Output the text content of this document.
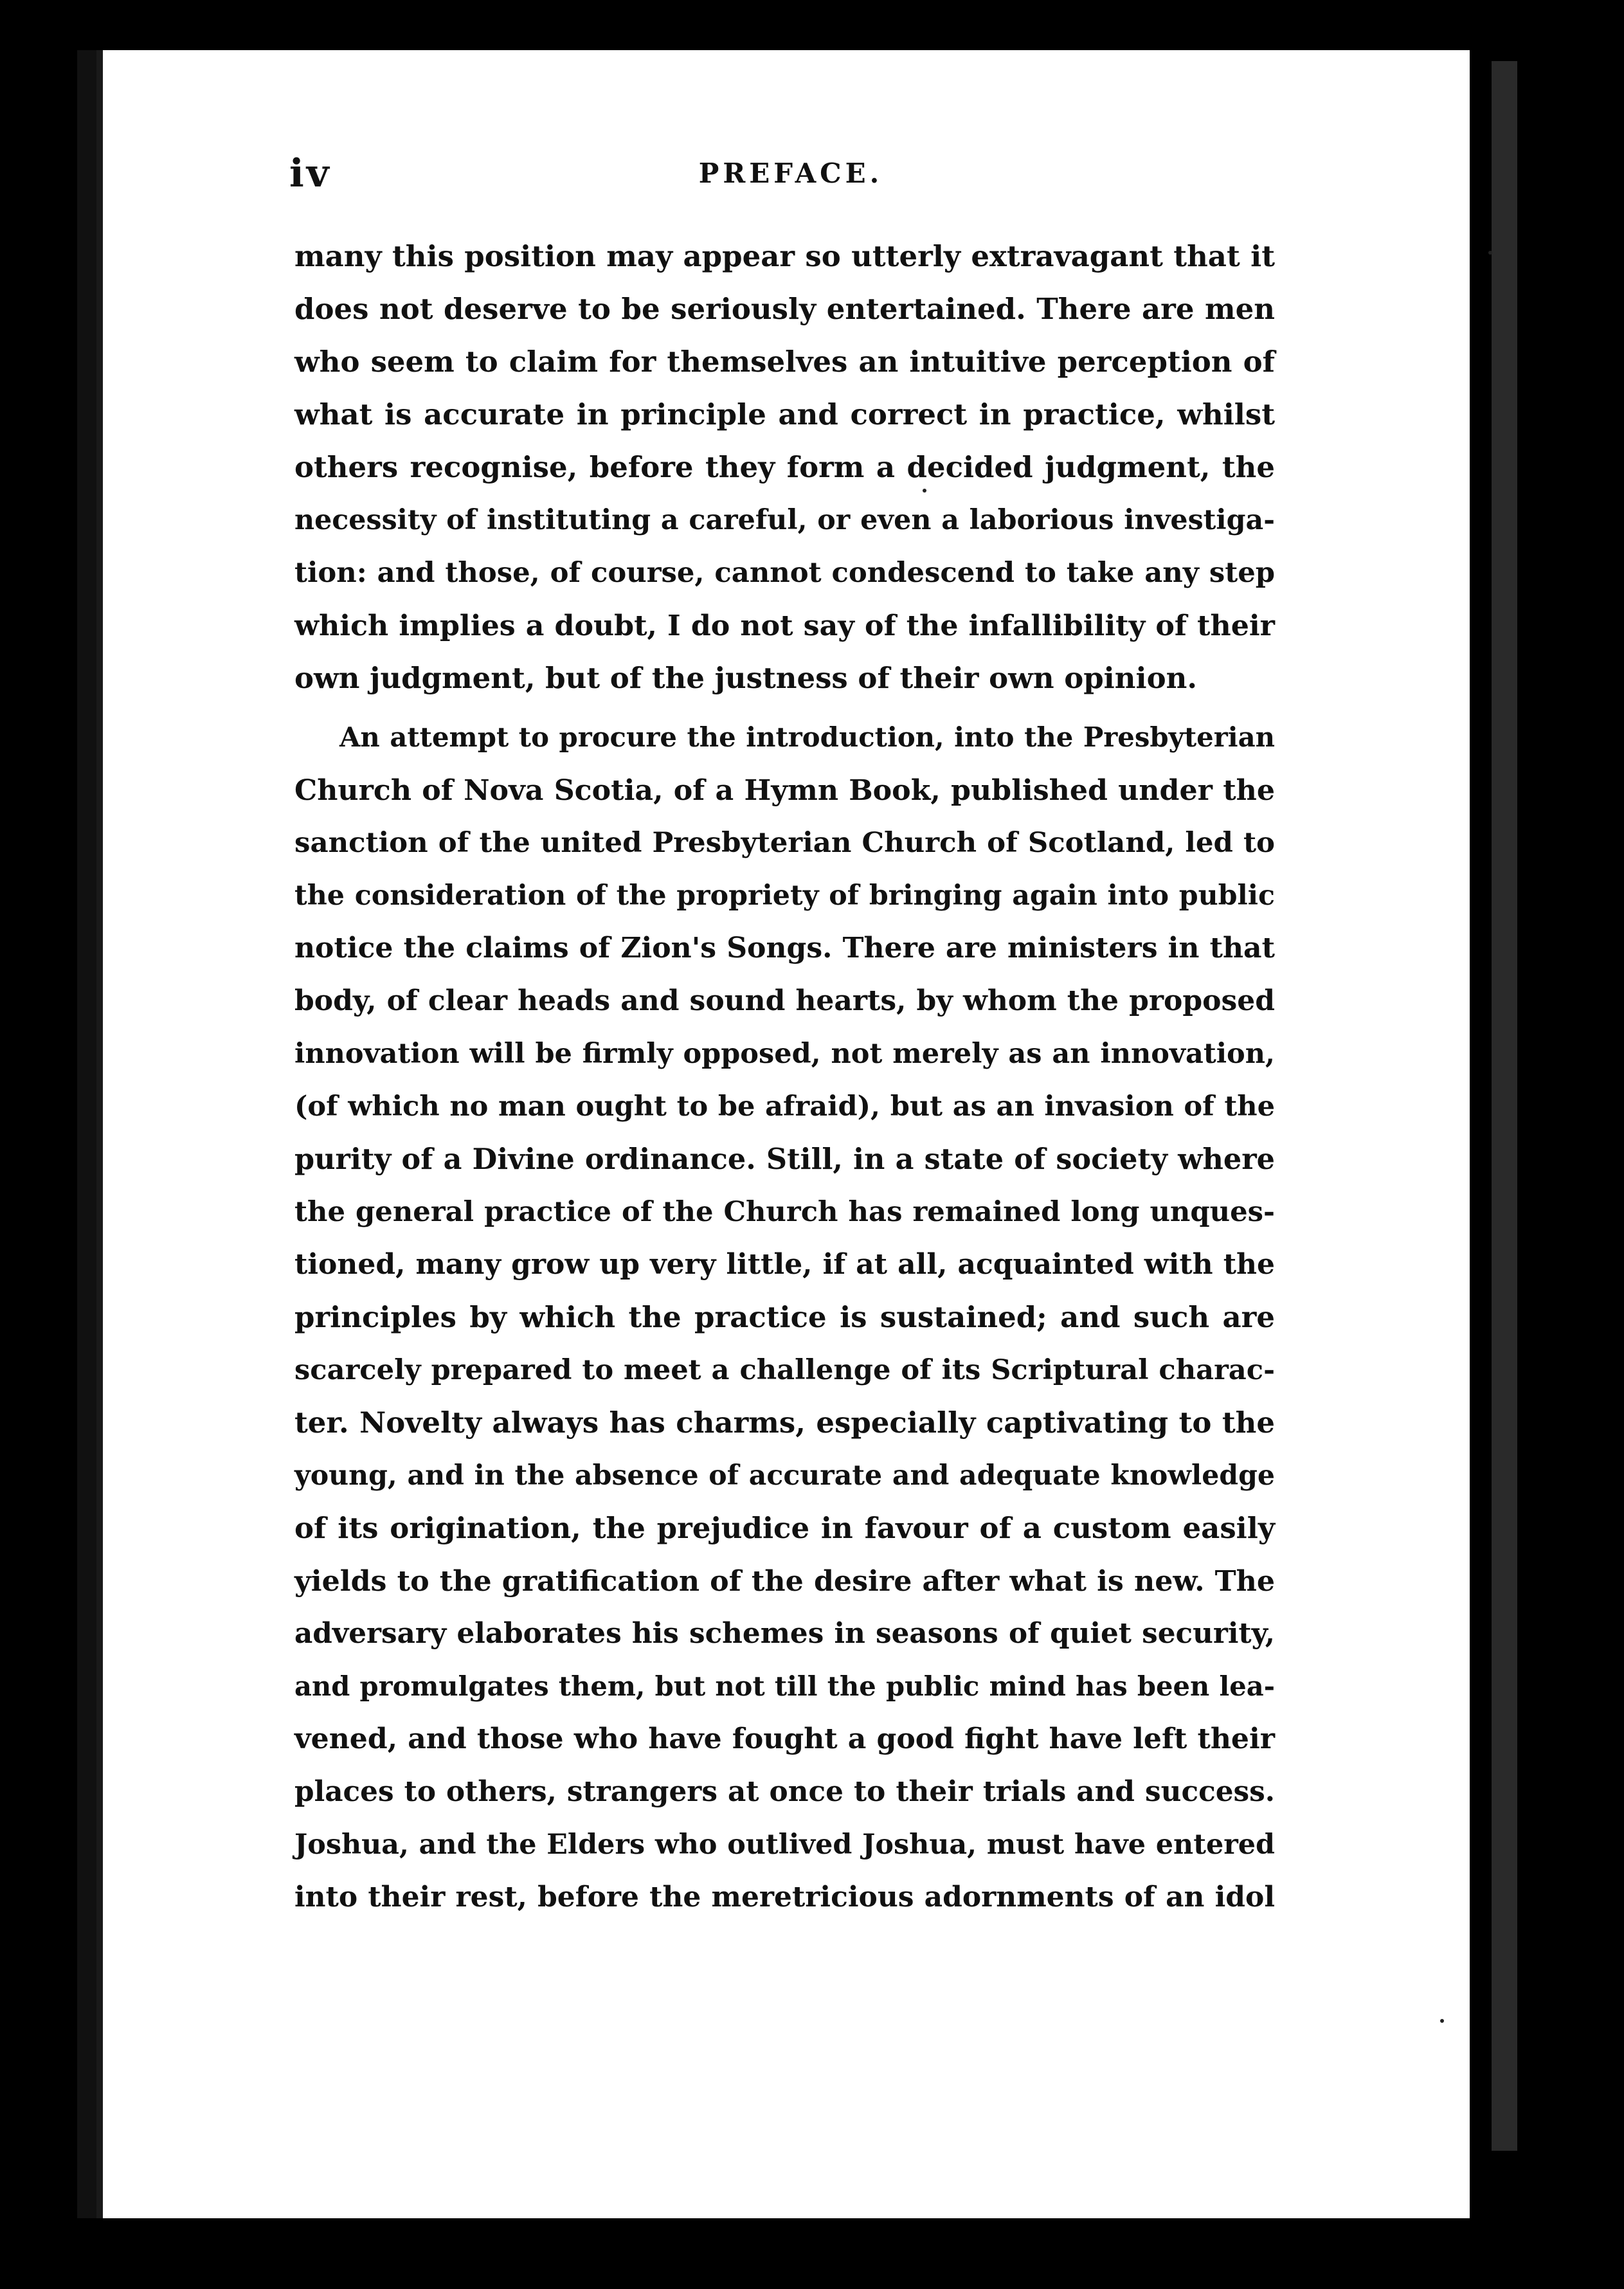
iv	PREFACE.
many this position may appear so utterly extravagant that it
does not deserve to be seriously entertained. There are men
who seem to claim for themselves an intuitive perception of
what is accurate in principle and correct in practice, whilst
others recognise, before they form a decided judgment, the
necessity of instituting a careful, or even a laborious investiga-
tion: and those, of course, cannot condescend to take any step
which implies a doubt, I do not say of the infallibility of their
own judgment, but of the justness of their own opinion.
An attempt to procure the introduction, into the Presbyterian
Church of Nova Scotia, of a Hymn Book, published under the
sanction of the united Presbyterian Church of Scotland, led to
the consideration of the propriety of bringing again into public
notice the claims of Zion's Songs. There are ministers in that
body, of clear heads and sound hearts, by whom the proposed
innovation will be firmly opposed, not merely as an innovation,
(of which no man ought to be afraid), but as an invasion of the
purity of a Divine ordinance. Still, in a state of society where
the general practice of the Church has remained long unques-
tioned, many grow up very little, if at all, acquainted with the
principles by which the practice is sustained; and such are
scarcely prepared to meet a challenge of its Scriptural charac-
ter. Novelty always has charms, especially captivating to the
young, and in the absence of accurate and adequate knowledge
of its origination, the prejudice in favour of a custom easily
yields to the gratification of the desire after what is new. The
adversary elaborates his schemes in seasons of quiet security,
and promulgates them, but not till the public mind has been lea-
vened, and those who have fought a good fight have left their
places to others, strangers at once to their trials and success.
Joshua, and the Elders who outlived Joshua, must have entered
into their rest, before the meretricious adornments of an idol
